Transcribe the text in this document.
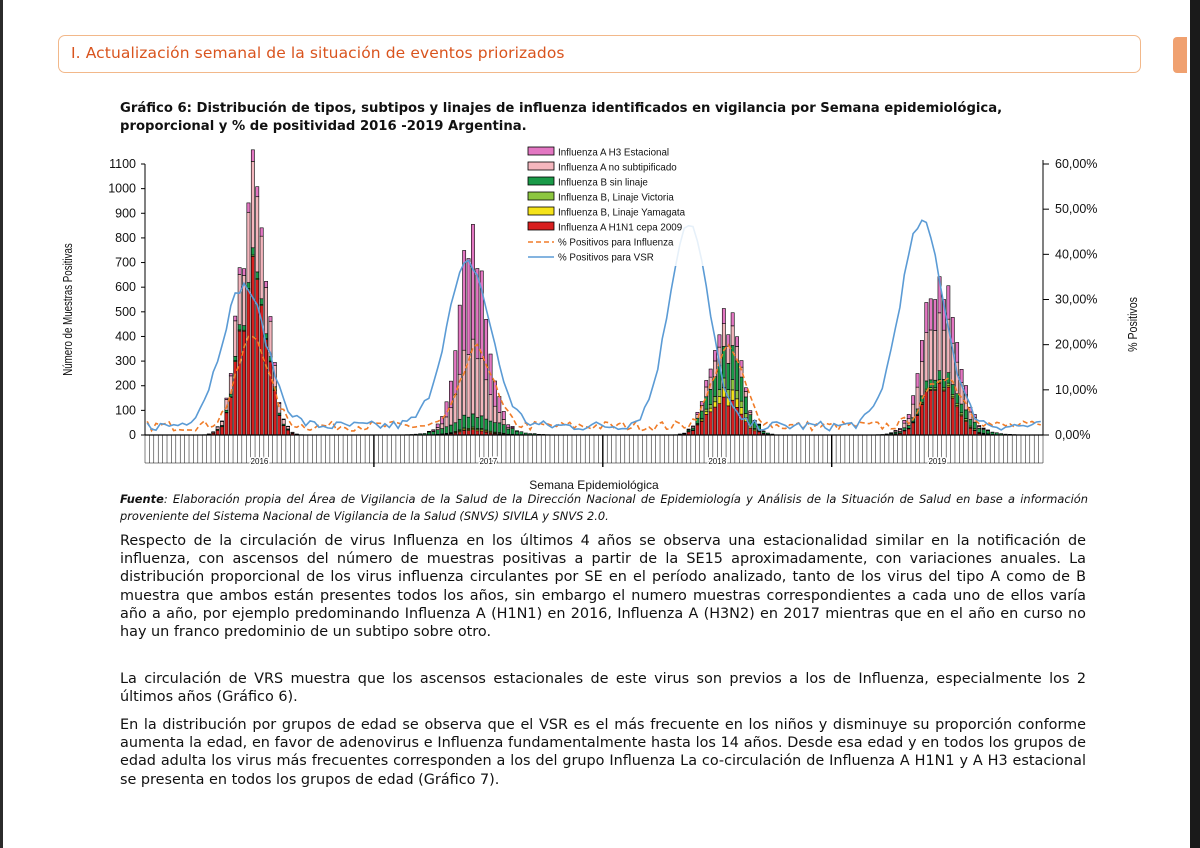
I. Actualización semanal de la situación de eventos priorizados
Gráfico 6: Distribución de tipos, subtipos y linajes de influenza identificados en vigilancia por Semana epidemiológica, proporcional y % de positividad 2016 -2019 Argentina.
0
100
200
300
400
500
600
700
800
900
1000
1100
0,00%
10,00%
20,00%
30,00%
40,00%
50,00%
60,00%
2016	2017	2018	2019
Semana Epidemiológica
Número de Muestras Positivas	% Positivos
Influenza A H3 Estacional
Influenza A no subtipificado
Influenza B sin linaje
Influenza B, Linaje Victoria
Influenza B, Linaje Yamagata
Influenza A H1N1 cepa 2009
% Positivos para Influenza
% Positivos para VSR
Fuente: Elaboración propia del Área de Vigilancia de la Salud de la Dirección Nacional de Epidemiología y Análisis de la Situación de Salud en base a información proveniente del Sistema Nacional de Vigilancia de la Salud (SNVS) SIVILA y SNVS 2.0.
Respecto de la circulación de virus Influenza en los últimos 4 años se observa una estacionalidad similar en la notificación de influenza, con ascensos del número de muestras positivas a partir de la SE15 aproximadamente, con variaciones anuales. La distribución proporcional de los virus influenza circulantes por SE en el período analizado, tanto de los virus del tipo A como de B muestra que ambos están presentes todos los años, sin embargo el numero muestras correspondientes a cada uno de ellos varía año a año, por ejemplo predominando Influenza A (H1N1) en 2016, Influenza A (H3N2) en 2017 mientras que en el año en curso no hay un franco predominio de un subtipo sobre otro.
La circulación de VRS muestra que los ascensos estacionales de este virus son previos a los de Influenza, especialmente los 2 últimos años (Gráfico 6).
En la distribución por grupos de edad se observa que el VSR es el más frecuente en los niños y disminuye su proporción conforme aumenta la edad, en favor de adenovirus e Influenza fundamentalmente hasta los 14 años. Desde esa edad y en todos los grupos de edad adulta los virus más frecuentes corresponden a los del grupo Influenza La co-circulación de Influenza A H1N1 y A H3 estacional se presenta en todos los grupos de edad (Gráfico 7).
